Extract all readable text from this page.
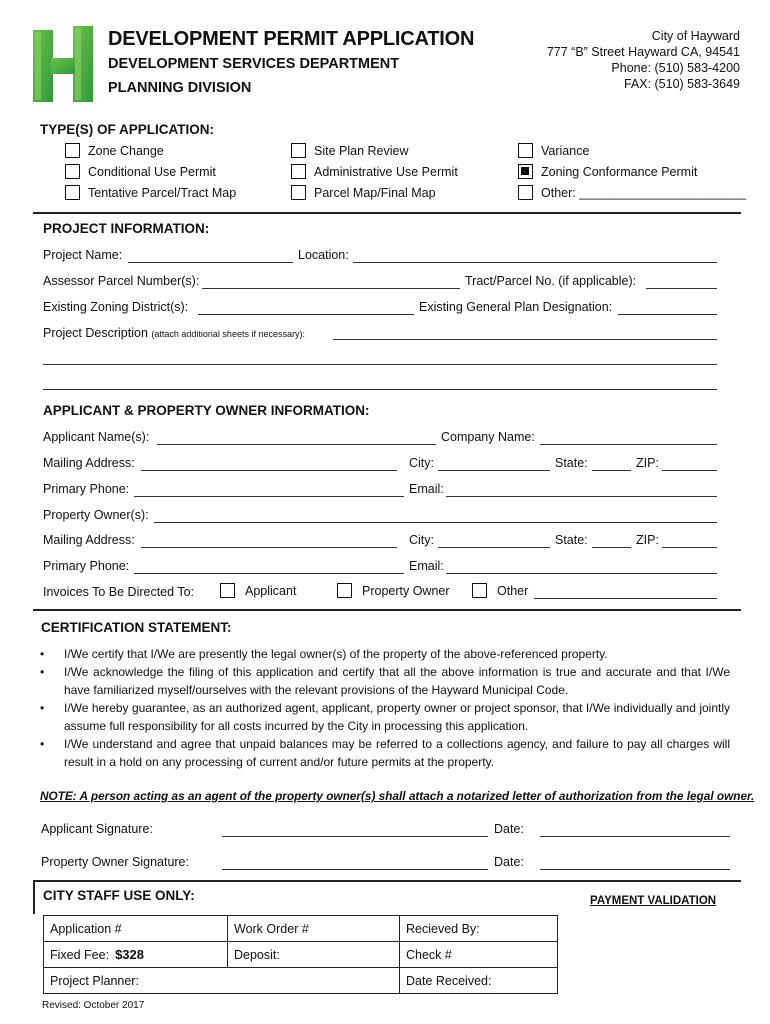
DEVELOPMENT PERMIT APPLICATION
DEVELOPMENT SERVICES DEPARTMENT
PLANNING DIVISION
City of Hayward
777 “B” Street Hayward CA, 94541
Phone: (510) 583-4200
FAX: (510) 583-3649
TYPE(S) OF APPLICATION:
Zone Change
Conditional Use Permit
Tentative Parcel/Tract Map
Site Plan Review
Administrative Use Permit
Parcel Map/Final Map
Variance
Zoning Conformance Permit
Other: ________________________
PROJECT INFORMATION:
Project Name:	Location:
Assessor Parcel Number(s):	Tract/Parcel No. (if applicable):
Existing Zoning District(s):	Existing General Plan Designation:
Project Description (attach additional sheets if necessary):
APPLICANT & PROPERTY OWNER INFORMATION:
Applicant Name(s):	Company Name:
Mailing Address:	City:	State:	ZIP:
Primary Phone:	Email:
Property Owner(s):
Mailing Address:	City:	State:	ZIP:
Primary Phone:	Email:
Invoices To Be Directed To:	Applicant	Property Owner	Other
CERTIFICATION STATEMENT:
•	I/We certify that I/We are presently the legal owner(s) of the property of the above-referenced property.
•	I/We acknowledge the filing of this application and certify that all the above information is true and accurate and that I/We have familiarized myself/ourselves with the relevant provisions of the Hayward Municipal Code.
•	I/We hereby guarantee, as an authorized agent, applicant, property owner or project sponsor, that I/We individually and jointly assume full responsibility for all costs incurred by the City in processing this application.
•	I/We understand and agree that unpaid balances may be referred to a collections agency, and failure to pay all charges will result in a hold on any processing of current and/or future permits at the property.
NOTE: A person acting as an agent of the property owner(s) shall attach a notarized letter of authorization from the legal owner.
Applicant Signature:	Date:
Property Owner Signature:	Date:
CITY STAFF USE ONLY:	PAYMENT VALIDATION
Application #	Work Order #	Recieved By:
Fixed Fee: $328	Deposit:	Check #
Project Planner:		Date Received:
Revised: October 2017
